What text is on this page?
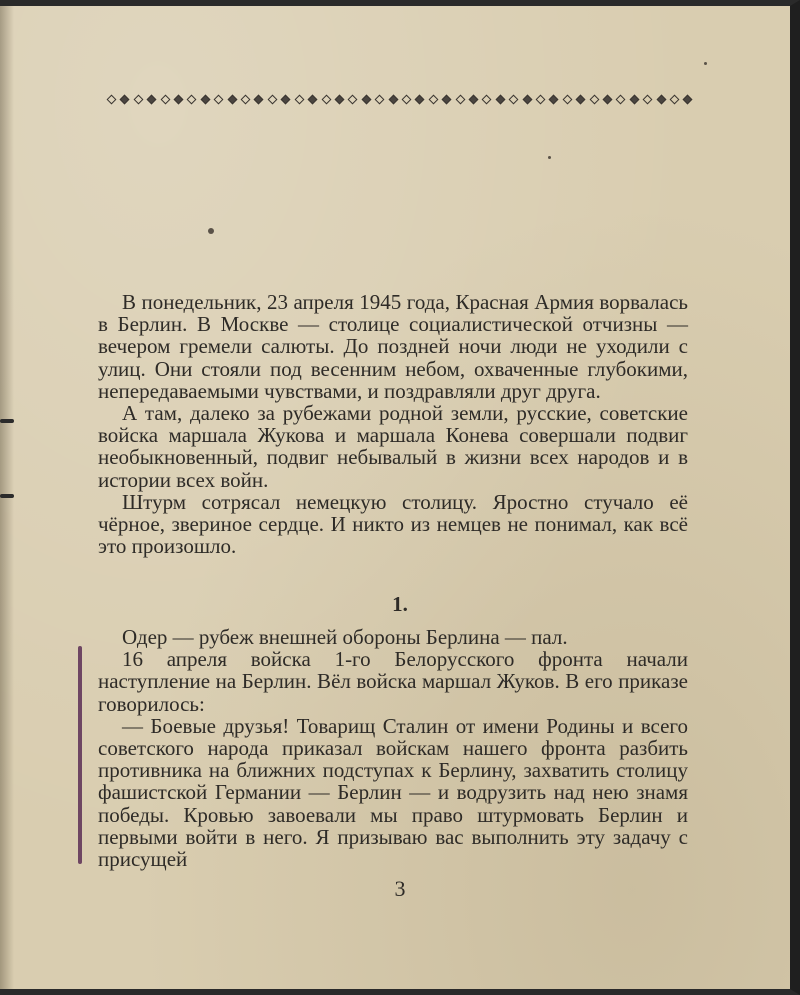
В понедельник, 23 апреля 1945 года, Красная Армия ворвалась в Берлин. В Москве — столице социалистической отчизны — вечером гремели салюты. До поздней ночи люди не уходили с улиц. Они стояли под весенним небом, охваченные глубокими, непередаваемыми чувствами, и поздравляли друг друга.

А там, далеко за рубежами родной земли, русские, советские войска маршала Жукова и маршала Конева совершали подвиг необыкновенный, подвиг небывалый в жизни всех народов и в истории всех войн.

Штурм сотрясал немецкую столицу. Яростно стучало её чёрное, звериное сердце. И никто из немцев не понимал, как всё это произошло.

1.

Одер — рубеж внешней обороны Берлина — пал.

16 апреля войска 1-го Белорусского фронта начали наступление на Берлин. Вёл войска маршал Жуков. В его приказе говорилось:

— Боевые друзья! Товарищ Сталин от имени Родины и всего советского народа приказал войскам нашего фронта разбить противника на ближних подступах к Берлину, захватить столицу фашистской Германии — Берлин — и водрузить над нею знамя победы. Кровью завоевали мы право штурмовать Берлин и первыми войти в него. Я призываю вас выполнить эту задачу с присущей

3
